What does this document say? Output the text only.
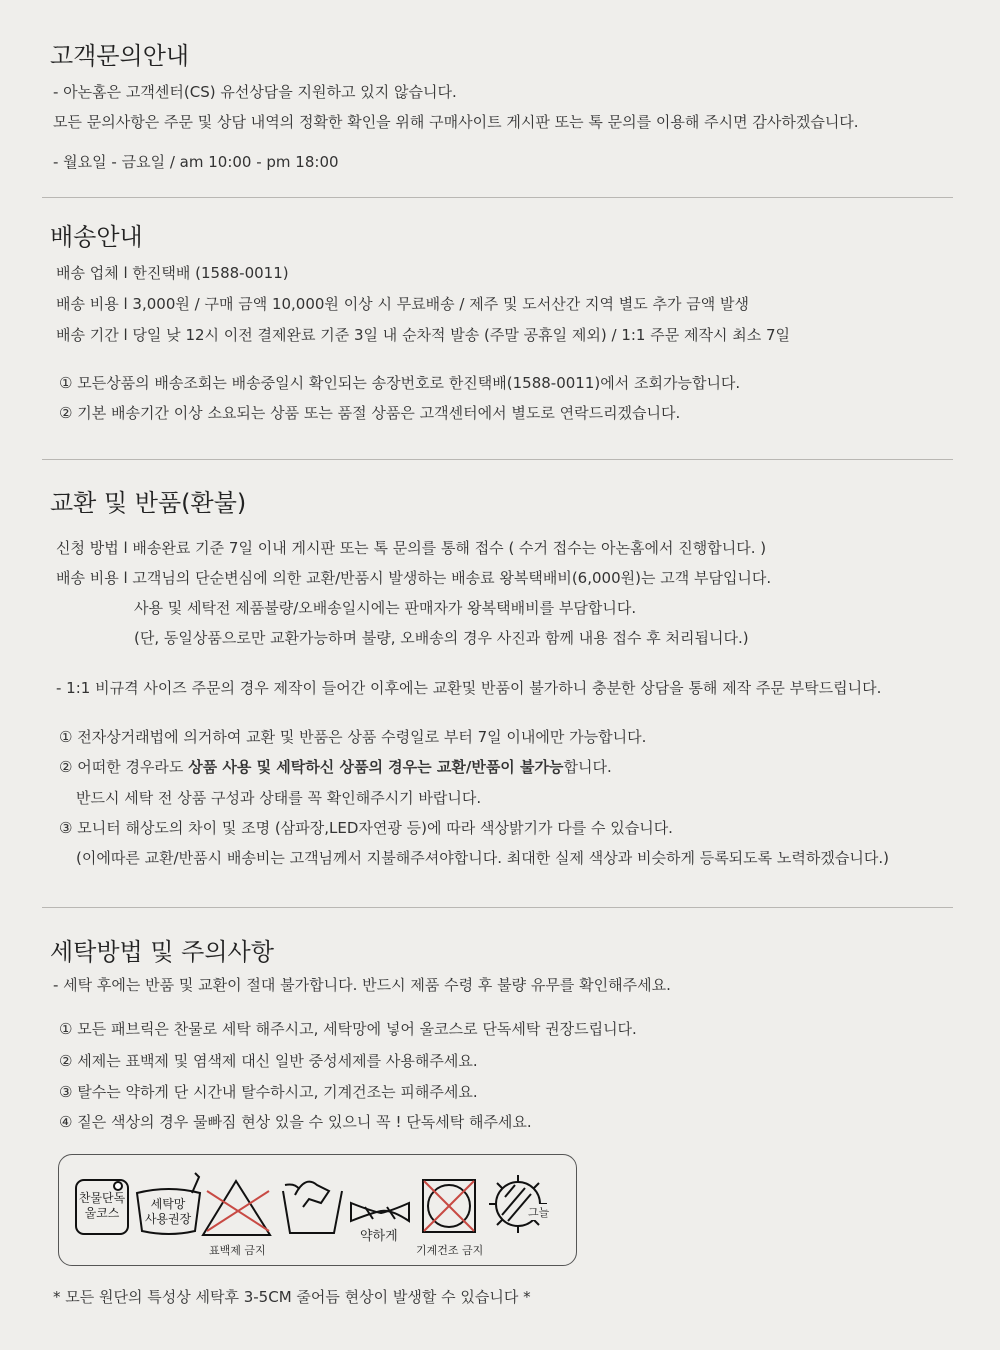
고객문의안내
- 아논홈은 고객센터(CS) 유선상담을 지원하고 있지 않습니다.
모든 문의사항은 주문 및 상담 내역의 정확한 확인을 위해 구매사이트 게시판 또는 톡 문의를 이용해 주시면 감사하겠습니다.
- 월요일 - 금요일 / am 10:00 - pm 18:00
배송안내
배송 업체 l 한진택배 (1588-0011)
배송 비용 l 3,000원 / 구매 금액 10,000원 이상 시 무료배송 / 제주 및 도서산간 지역 별도 추가 금액 발생
배송 기간 l 당일 낮 12시 이전 결제완료 기준 3일 내 순차적 발송 (주말 공휴일 제외) / 1:1 주문 제작시 최소 7일
① 모든상품의 배송조회는 배송중일시 확인되는 송장번호로 한진택배(1588-0011)에서 조회가능합니다.
② 기본 배송기간 이상 소요되는 상품 또는 품절 상품은 고객센터에서 별도로 연락드리겠습니다.
교환 및 반품(환불)
신청 방법 l 배송완료 기준 7일 이내 게시판 또는 톡 문의를 통해 접수 ( 수거 접수는 아논홈에서 진행합니다. )
배송 비용 l 고객님의 단순변심에 의한 교환/반품시 발생하는 배송료 왕복택배비(6,000원)는 고객 부담입니다.
사용 및 세탁전 제품불량/오배송일시에는 판매자가 왕복택배비를 부담합니다.
(단, 동일상품으로만 교환가능하며 불량, 오배송의 경우 사진과 함께 내용 접수 후 처리됩니다.)
- 1:1 비규격 사이즈 주문의 경우 제작이 들어간 이후에는 교환및 반품이 불가하니 충분한 상담을 통해 제작 주문 부탁드립니다.
① 전자상거래법에 의거하여 교환 및 반품은 상품 수령일로 부터 7일 이내에만 가능합니다.
② 어떠한 경우라도 상품 사용 및 세탁하신 상품의 경우는 교환/반품이 불가능합니다.
반드시 세탁 전 상품 구성과 상태를 꼭 확인해주시기 바랍니다.
③ 모니터 해상도의 차이 및 조명 (삼파장,LED자연광 등)에 따라 색상밝기가 다를 수 있습니다.
(이에따른 교환/반품시 배송비는 고객님께서 지불해주셔야합니다. 최대한 실제 색상과 비슷하게 등록되도록 노력하겠습니다.)
세탁방법 및 주의사항
- 세탁 후에는 반품 및 교환이 절대 불가합니다. 반드시 제품 수령 후 불량 유무를 확인해주세요.
① 모든 패브릭은 찬물로 세탁 해주시고, 세탁망에 넣어 울코스로 단독세탁 권장드립니다.
② 세제는 표백제 및 염색제 대신 일반 중성세제를 사용해주세요.
③ 탈수는 약하게 단 시간내 탈수하시고, 기계건조는 피해주세요.
④ 짙은 색상의 경우 물빠짐 현상 있을 수 있으니 꼭 ! 단독세탁 해주세요.
찬물단독
울코스
세탁망
사용권장
표백제 금지
약하게
기계건조 금지
그늘
* 모든 원단의 특성상 세탁후 3-5CM 줄어듬 현상이 발생할 수 있습니다 *
